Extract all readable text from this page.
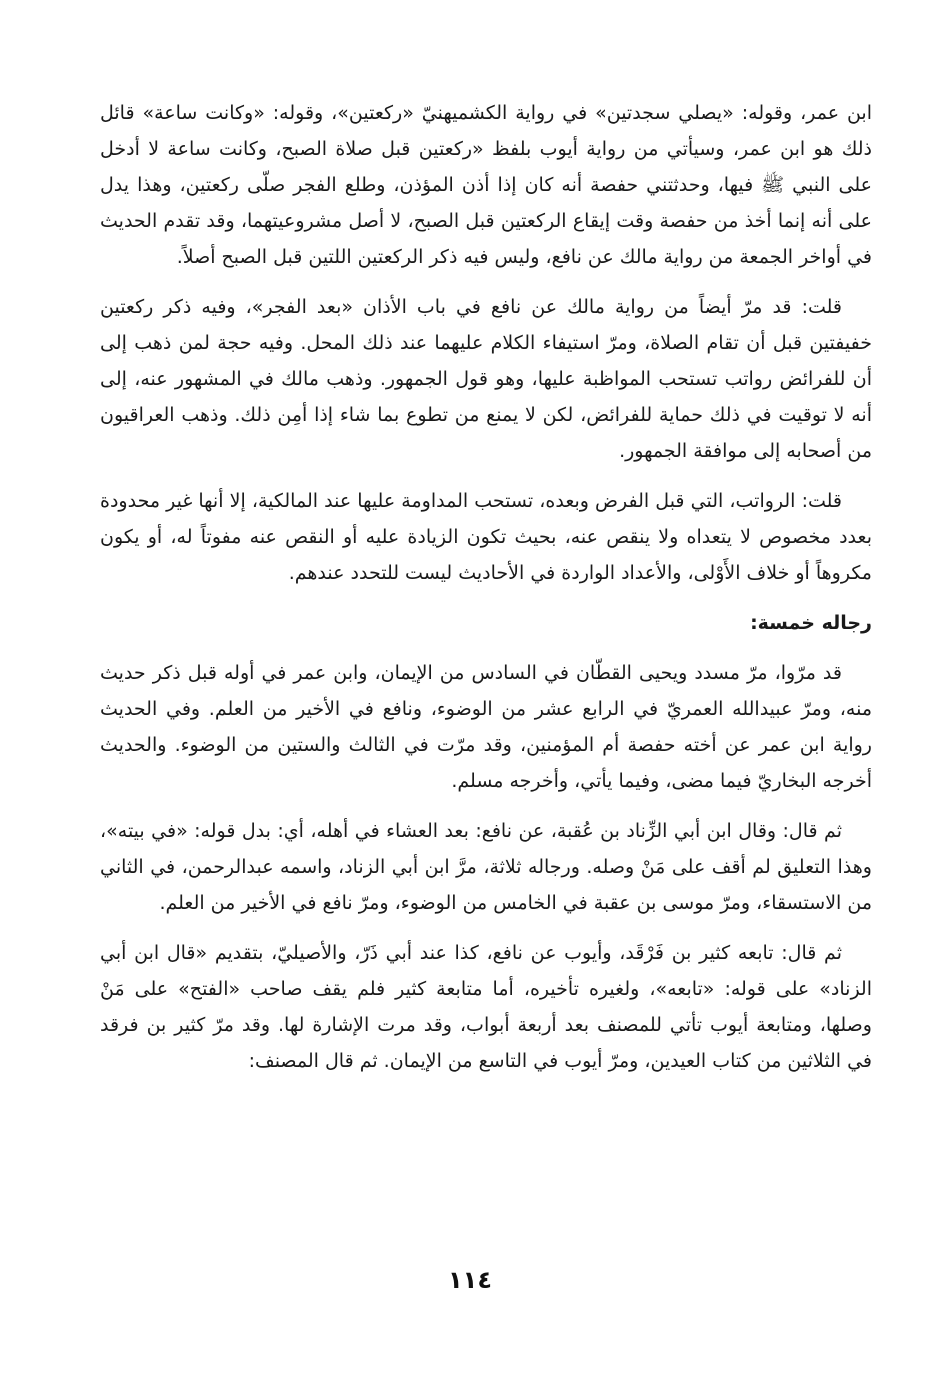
ابن عمر، وقوله: «يصلي سجدتين» في رواية الكشميهنيّ «ركعتين»، وقوله: «وكانت ساعة» قائل ذلك هو ابن عمر، وسيأتي من رواية أيوب بلفظ «ركعتين قبل صلاة الصبح، وكانت ساعة لا أدخل على النبي ﷺ فيها، وحدثتني حفصة أنه كان إذا أذن المؤذن، وطلع الفجر صلّى ركعتين، وهذا يدل على أنه إنما أخذ من حفصة وقت إيقاع الركعتين قبل الصبح، لا أصل مشروعيتهما، وقد تقدم الحديث في أواخر الجمعة من رواية مالك عن نافع، وليس فيه ذكر الركعتين اللتين قبل الصبح أصلاً.

قلت: قد مرّ أيضاً من رواية مالك عن نافع في باب الأذان «بعد الفجر»، وفيه ذكر ركعتين خفيفتين قبل أن تقام الصلاة، ومرّ استيفاء الكلام عليهما عند ذلك المحل. وفيه حجة لمن ذهب إلى أن للفرائض رواتب تستحب المواظبة عليها، وهو قول الجمهور. وذهب مالك في المشهور عنه، إلى أنه لا توقيت في ذلك حماية للفرائض، لكن لا يمنع من تطوع بما شاء إذا أمِن ذلك. وذهب العراقيون من أصحابه إلى موافقة الجمهور.

قلت: الرواتب، التي قبل الفرض وبعده، تستحب المداومة عليها عند المالكية، إلا أنها غير محدودة بعدد مخصوص لا يتعداه ولا ينقص عنه، بحيث تكون الزيادة عليه أو النقص عنه مفوتاً له، أو يكون مكروهاً أو خلاف الأَوْلى، والأعداد الواردة في الأحاديث ليست للتحدد عندهم.

رجاله خمسة:

قد مرّوا، مرّ مسدد ويحيى القطّان في السادس من الإيمان، وابن عمر في أوله قبل ذكر حديث منه، ومرّ عبيدالله العمريّ في الرابع عشر من الوضوء، ونافع في الأخير من العلم. وفي الحديث رواية ابن عمر عن أخته حفصة أم المؤمنين، وقد مرّت في الثالث والستين من الوضوء. والحديث أخرجه البخاريّ فيما مضى، وفيما يأتي، وأخرجه مسلم.

ثم قال: وقال ابن أبي الزِّناد بن عُقبة، عن نافع: بعد العشاء في أهله، أي: بدل قوله: «في بيته»، وهذا التعليق لم أقف على مَنْ وصله. ورجاله ثلاثة، مرَّ ابن أبي الزناد، واسمه عبدالرحمن، في الثاني من الاستسقاء، ومرّ موسى بن عقبة في الخامس من الوضوء، ومرّ نافع في الأخير من العلم.

ثم قال: تابعه كثير بن فَرْقَد، وأيوب عن نافع، كذا عند أبي ذَرّ، والأصيليّ، بتقديم «قال ابن أبي الزناد» على قوله: «تابعه»، ولغيره تأخيره، أما متابعة كثير فلم يقف صاحب «الفتح» على مَنْ وصلها، ومتابعة أيوب تأتي للمصنف بعد أربعة أبواب، وقد مرت الإشارة لها. وقد مرّ كثير بن فرقد في الثلاثين من كتاب العيدين، ومرّ أيوب في التاسع من الإيمان. ثم قال المصنف:

١١٤
